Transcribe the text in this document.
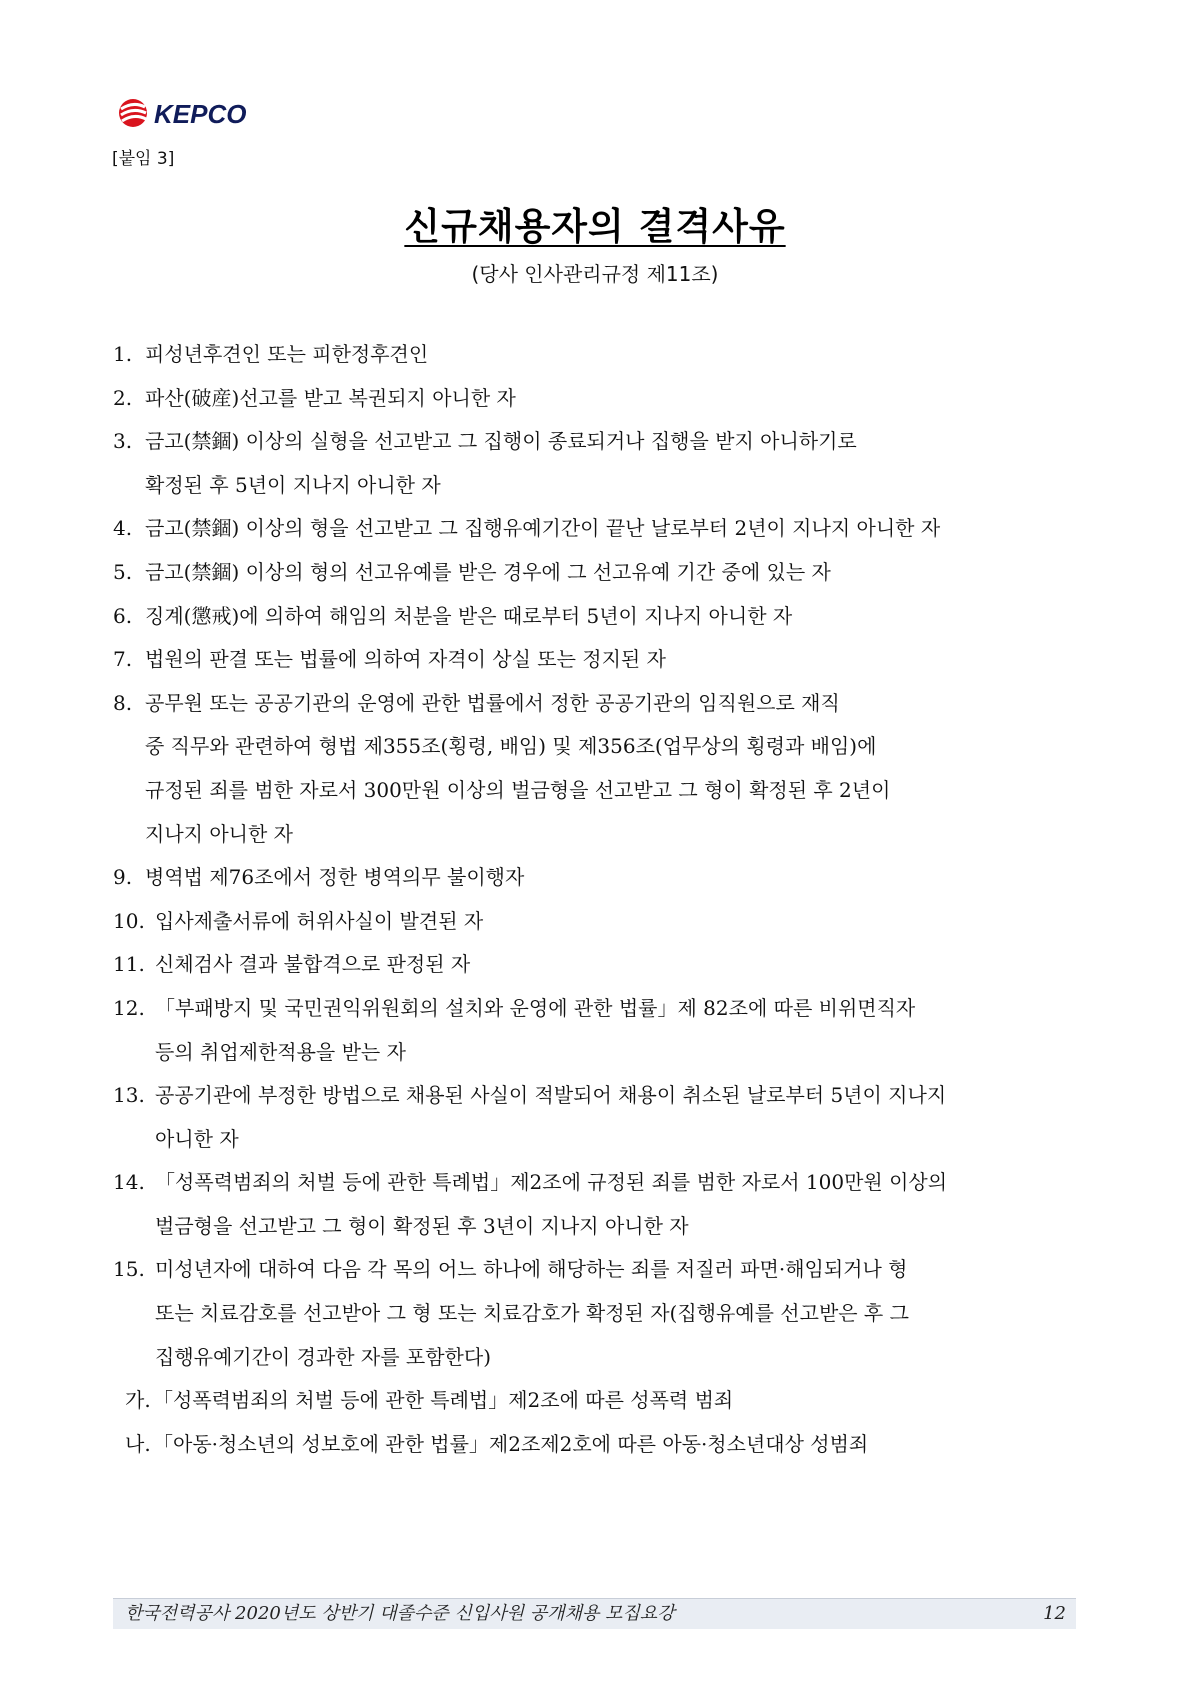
KEPCO
[붙임 3]
신규채용자의 결격사유
(당사 인사관리규정 제11조)
1. 피성년후견인 또는 피한정후견인
2. 파산(破産)선고를 받고 복권되지 아니한 자
3. 금고(禁錮) 이상의 실형을 선고받고 그 집행이 종료되거나 집행을 받지 아니하기로
확정된 후 5년이 지나지 아니한 자
4. 금고(禁錮) 이상의 형을 선고받고 그 집행유예기간이 끝난 날로부터 2년이 지나지 아니한 자
5. 금고(禁錮) 이상의 형의 선고유예를 받은 경우에 그 선고유예 기간 중에 있는 자
6. 징계(懲戒)에 의하여 해임의 처분을 받은 때로부터 5년이 지나지 아니한 자
7. 법원의 판결 또는 법률에 의하여 자격이 상실 또는 정지된 자
8. 공무원 또는 공공기관의 운영에 관한 법률에서 정한 공공기관의 임직원으로 재직
중 직무와 관련하여 형법 제355조(횡령, 배임) 및 제356조(업무상의 횡령과 배임)에
규정된 죄를 범한 자로서 300만원 이상의 벌금형을 선고받고 그 형이 확정된 후 2년이
지나지 아니한 자
9. 병역법 제76조에서 정한 병역의무 불이행자
10. 입사제출서류에 허위사실이 발견된 자
11. 신체검사 결과 불합격으로 판정된 자
12. 「부패방지 및 국민권익위원회의 설치와 운영에 관한 법률」제 82조에 따른 비위면직자
등의 취업제한적용을 받는 자
13. 공공기관에 부정한 방법으로 채용된 사실이 적발되어 채용이 취소된 날로부터 5년이 지나지
아니한 자
14. 「성폭력범죄의 처벌 등에 관한 특례법」제2조에 규정된 죄를 범한 자로서 100만원 이상의
벌금형을 선고받고 그 형이 확정된 후 3년이 지나지 아니한 자
15. 미성년자에 대하여 다음 각 목의 어느 하나에 해당하는 죄를 저질러 파면·해임되거나 형
또는 치료감호를 선고받아 그 형 또는 치료감호가 확정된 자(집행유예를 선고받은 후 그
집행유예기간이 경과한 자를 포함한다)
가. 「성폭력범죄의 처벌 등에 관한 특례법」제2조에 따른 성폭력 범죄
나. 「아동·청소년의 성보호에 관한 법률」제2조제2호에 따른 아동·청소년대상 성범죄
한국전력공사 2020년도 상반기 대졸수준 신입사원 공개채용 모집요강	12
